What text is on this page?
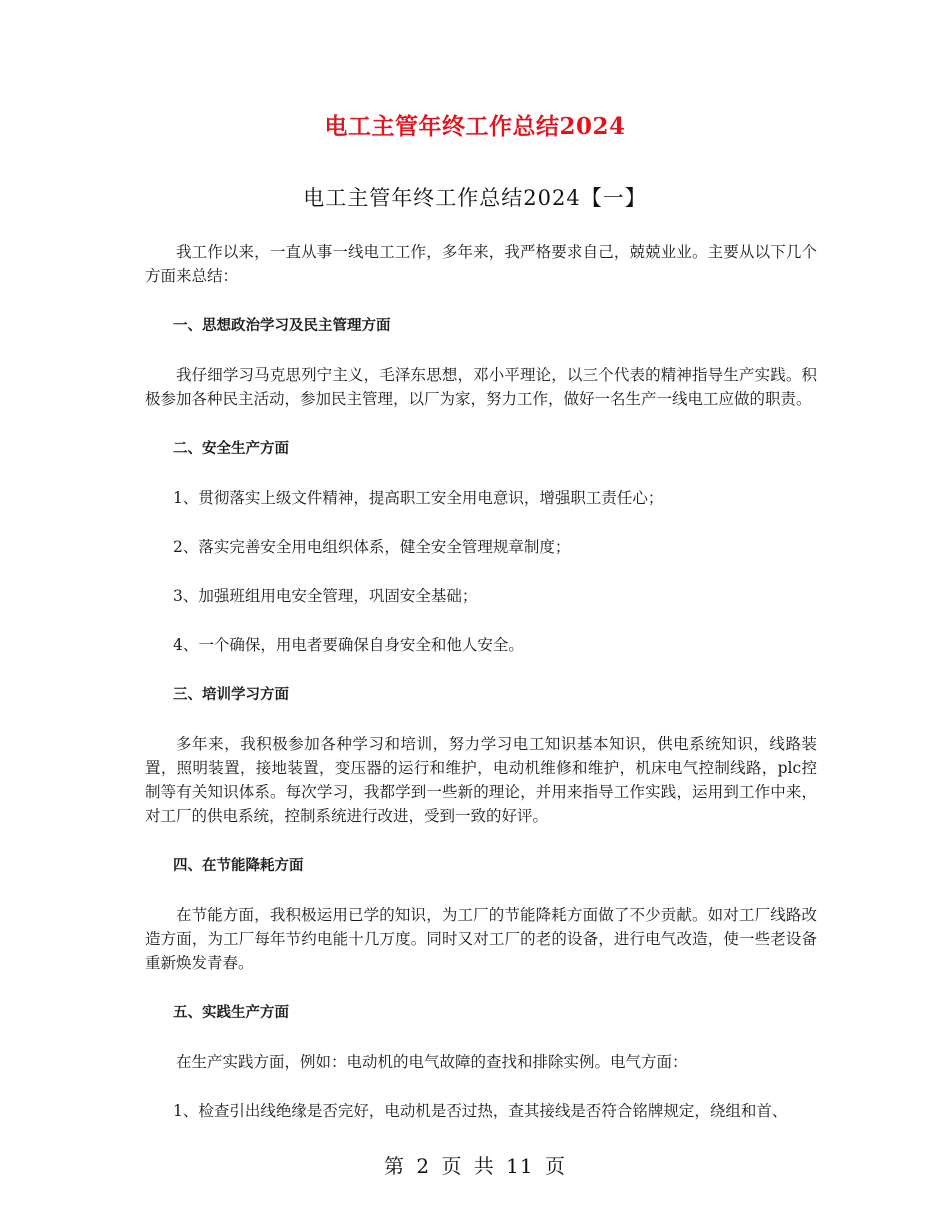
电工主管年终工作总结2024
电工主管年终工作总结2024【一】

我工作以来，一直从事一线电工工作，多年来，我严格要求自己，兢兢业业。主要从以下几个方面来总结：

一、思想政治学习及民主管理方面

我仔细学习马克思列宁主义，毛泽东思想，邓小平理论，以三个代表的精神指导生产实践。积极参加各种民主活动，参加民主管理，以厂为家，努力工作，做好一名生产一线电工应做的职责。

二、安全生产方面

1、贯彻落实上级文件精神，提高职工安全用电意识，增强职工责任心；

2、落实完善安全用电组织体系，健全安全管理规章制度；

3、加强班组用电安全管理，巩固安全基础；

4、一个确保，用电者要确保自身安全和他人安全。

三、培训学习方面

多年来，我积极参加各种学习和培训，努力学习电工知识基本知识，供电系统知识，线路装置，照明装置，接地装置，变压器的运行和维护，电动机维修和维护，机床电气控制线路，plc控制等有关知识体系。每次学习，我都学到一些新的理论，并用来指导工作实践，运用到工作中来，对工厂的供电系统，控制系统进行改进，受到一致的好评。

四、在节能降耗方面

在节能方面，我积极运用已学的知识，为工厂的节能降耗方面做了不少贡献。如对工厂线路改造方面，为工厂每年节约电能十几万度。同时又对工厂的老的设备，进行电气改造，使一些老设备重新焕发青春。

五、实践生产方面

在生产实践方面，例如：电动机的电气故障的查找和排除实例。电气方面：

1、检查引出线绝缘是否完好，电动机是否过热，查其接线是否符合铭牌规定，绕组和首、

第 2 页 共 11 页
